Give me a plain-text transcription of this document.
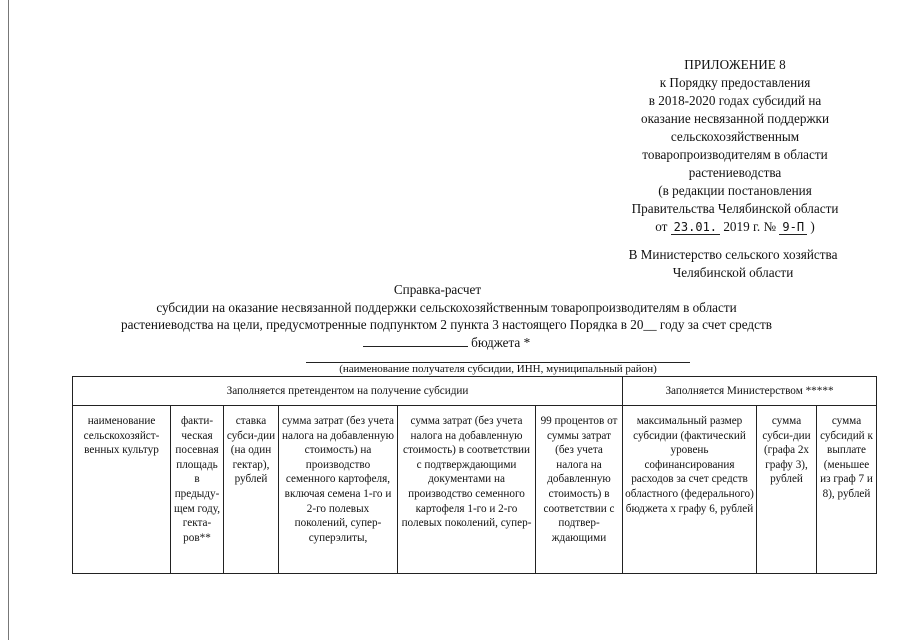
ПРИЛОЖЕНИЕ 8
к Порядку предоставления
в 2018-2020 годах субсидий на
оказание несвязанной поддержки
сельскохозяйственным
товаропроизводителям в области
растениеводства
(в редакции постановления
Правительства Челябинской области
от 23.01. 2019 г. № 9-П )
В Министерство сельского хозяйства
Челябинской области
Справка-расчет
субсидии на оказание несвязанной поддержки сельскохозяйственным товаропроизводителям в области
растениеводства на цели, предусмотренные подпунктом 2 пункта 3 настоящего Порядка в 20__ году за счет средств
бюджета *
(наименование получателя субсидии, ИНН, муниципальный район)
Заполняется претендентом на получение субсидии						Заполняется Министерством *****		
наименование сельскохозяйст-венных культур	факти-ческая посевная площадь в предыду-щем году, гекта-ров**	ставка субси-дии (на один гектар), рублей	сумма затрат (без учета налога на добавленную стоимость) на производство семенного картофеля, включая семена 1-го и 2-го полевых поколений, супер-суперэлиты,	сумма затрат (без учета налога на добавленную стоимость) в соответствии с подтверждающими документами на производство семенного картофеля 1-го и 2-го полевых поколений, супер-	99 процентов от суммы затрат (без учета налога на добавленную стоимость) в соответствии с подтвер-ждающими	максимальный размер субсидии (фактический уровень софинансирования расходов за счет средств областного (федерального) бюджета х графу 6, рублей	сумма субси-дии (графа 2х графу 3), рублей	сумма субсидий к выплате (меньшее из граф 7 и 8), рублей
